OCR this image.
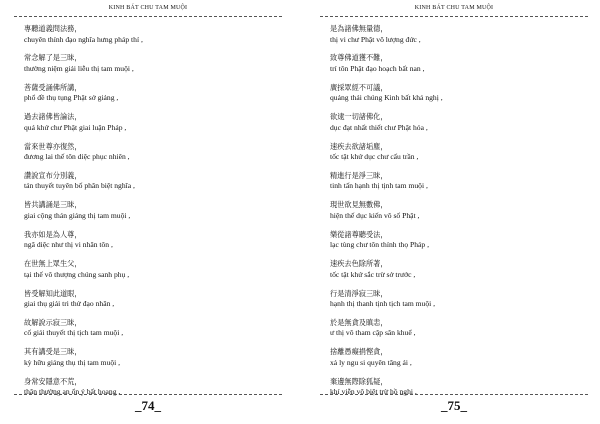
KINH BÁT CHU TAM MUỘI
專聽道義問法務，
chuyên thính đạo nghĩa hưng pháp thí ,
常念解了是三昧，
thường niệm giải liễu thị tam muội ,
菩薩受誦佛所講，
phổ đề thụ tụng Phật sở giảng ,
過去諸佛皆論法，
quá khứ chư Phật giai luận Pháp ,
當來世尊亦復然，
đương lai thế tôn diệc phục nhiên ,
讚說宣布分別義，
tán thuyết tuyên bố phân biệt nghĩa ,
皆共講誦是三昧，
giai cộng thán giảng thị tam muội ,
我亦如是為人尊，
ngã diệc như thị vi nhân tôn ,
在世無上眾生父，
tại thế vô thượng chúng sanh phụ ,
皆受解知此道眼，
giai thụ giải tri thử đạo nhãn ,
故解說示寂三昧，
cố giải thuyết thị tịch tam muội ,
其有講受是三昧，
kỳ hữu giảng thụ thị tam muội ,
身常安隱意不荒，
thân thường an ổn ý bất hoang ,
_74_
KINH BÁT CHU TAM MUỘI
是為諸佛無量德，
thị vi chư Phật vô lượng đức ,
致尊佛道獲不難，
trí tôn Phật đạo hoạch bất nan ,
廣採眾經不可議，
quảng thái chúng Kinh bất khả nghị ,
欲逮一切諸佛化，
dục đạt nhất thiết chư Phật hóa ,
速疾去欲諸垢塵，
tốc tật khứ dục chư cấu trần ,
精進行是淨三昧，
tinh tấn hạnh thị tịnh tam muội ,
現世欲見無數佛，
hiện thế dục kiến vô số Phật ,
樂從諸尊聽受法，
lạc tùng chư tôn thính thọ Pháp ,
速疾去色除所著，
tốc tật khứ sắc trừ sở trước ,
行是清淨寂三昧，
hạnh thị thanh tịnh tịch tam muội ,
於是無貪及瞋恚，
ư thị vô tham cập sân khuể ,
捨離愚癡捐慳貪，
xả ly ngu si quyên tăng ái ,
棄邊無際除狐疑，
khí viễn vô biệt trừ hồ nghi ,
_75_
